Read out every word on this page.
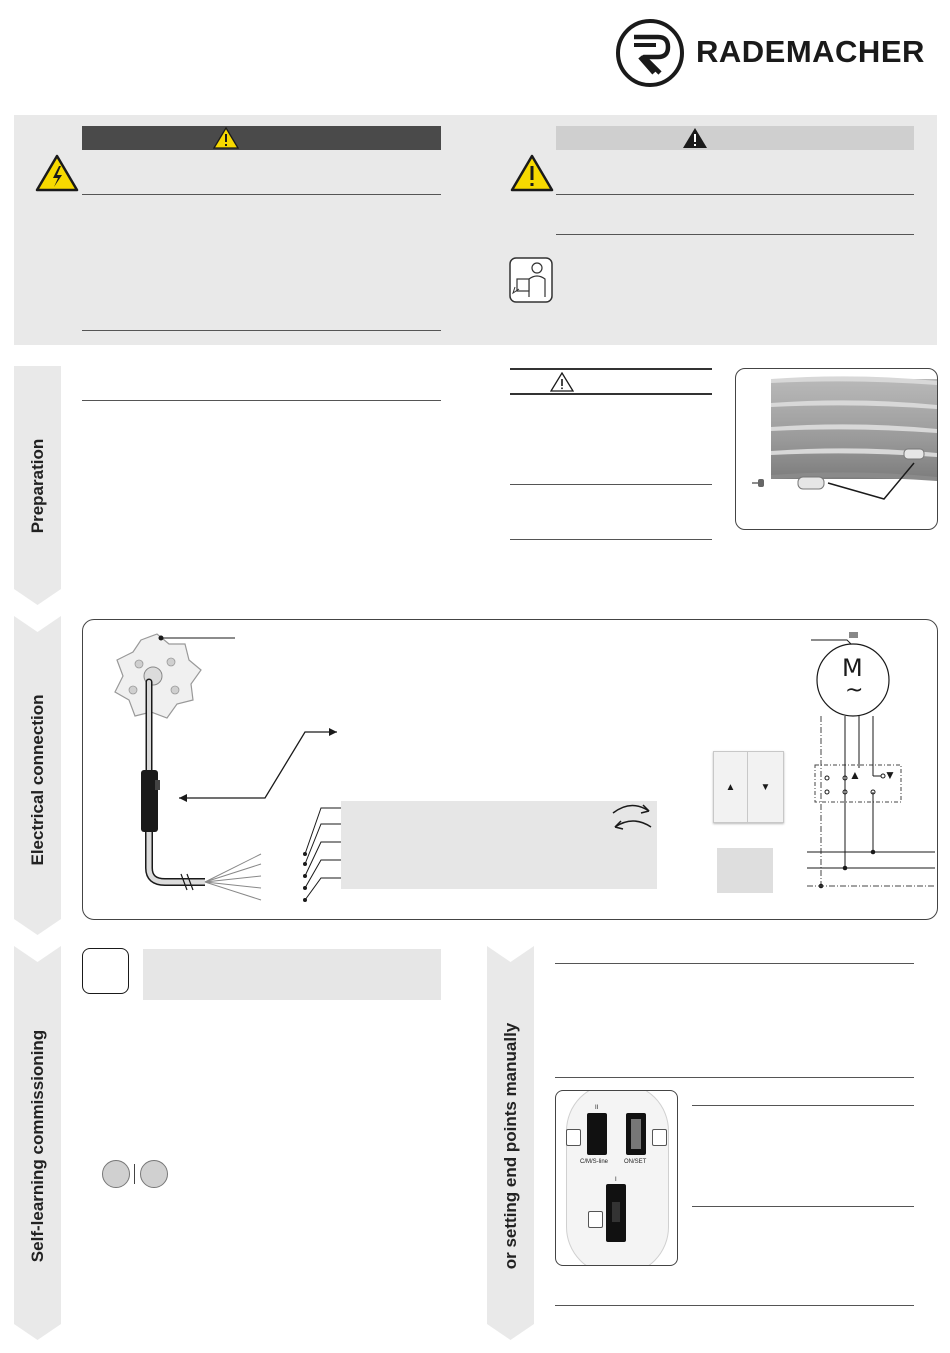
RADEMACHER
Preparation
Electrical connection	▲	▼
M
~
▲ ▼
Self-learning commissioning	or setting end points manually	II
C/M/S-line	ON/SET
I
